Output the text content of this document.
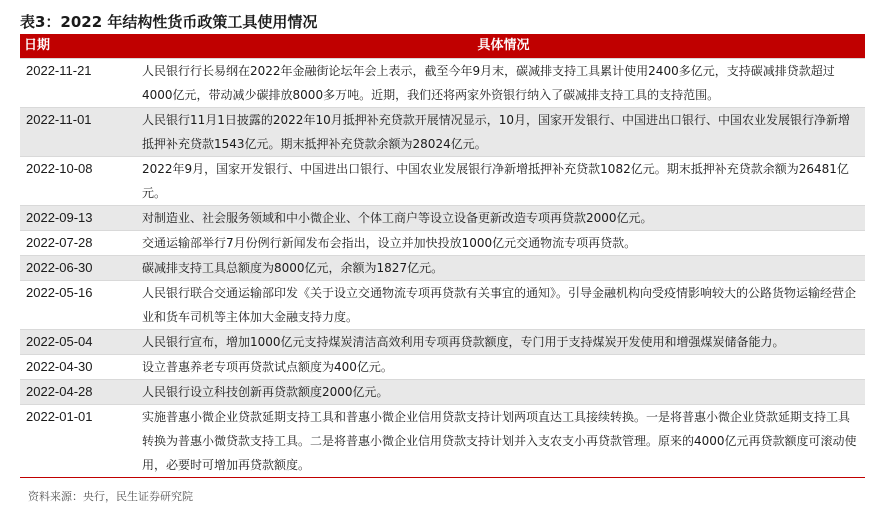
表3：2022 年结构性货币政策工具使用情况
日期	具体情况
2022-11-21	人民银行行长易纲在2022年金融街论坛年会上表示，截至今年9月末，碳减排支持工具累计使用2400多亿元，支持碳减排贷款超过4000亿元，带动减少碳排放8000多万吨。近期，我们还将两家外资银行纳入了碳减排支持工具的支持范围。
2022-11-01	人民银行11月1日披露的2022年10月抵押补充贷款开展情况显示，10月，国家开发银行、中国进出口银行、中国农业发展银行净新增抵押补充贷款1543亿元。期末抵押补充贷款余额为28024亿元。
2022-10-08	2022年9月，国家开发银行、中国进出口银行、中国农业发展银行净新增抵押补充贷款1082亿元。期末抵押补充贷款余额为26481亿元。
2022-09-13	对制造业、社会服务领域和中小微企业、个体工商户等设立设备更新改造专项再贷款2000亿元。
2022-07-28	交通运输部举行7月份例行新闻发布会指出，设立并加快投放1000亿元交通物流专项再贷款。
2022-06-30	碳减排支持工具总额度为8000亿元，余额为1827亿元。
2022-05-16	人民银行联合交通运输部印发《关于设立交通物流专项再贷款有关事宜的通知》。引导金融机构向受疫情影响较大的公路货物运输经营企业和货车司机等主体加大金融支持力度。
2022-05-04	人民银行宣布，增加1000亿元支持煤炭清洁高效利用专项再贷款额度，专门用于支持煤炭开发使用和增强煤炭储备能力。
2022-04-30	设立普惠养老专项再贷款试点额度为400亿元。
2022-04-28	人民银行设立科技创新再贷款额度2000亿元。
2022-01-01	实施普惠小微企业贷款延期支持工具和普惠小微企业信用贷款支持计划两项直达工具接续转换。一是将普惠小微企业贷款延期支持工具转换为普惠小微贷款支持工具。二是将普惠小微企业信用贷款支持计划并入支农支小再贷款管理。原来的4000亿元再贷款额度可滚动使用，必要时可增加再贷款额度。
资料来源：央行，民生证券研究院
